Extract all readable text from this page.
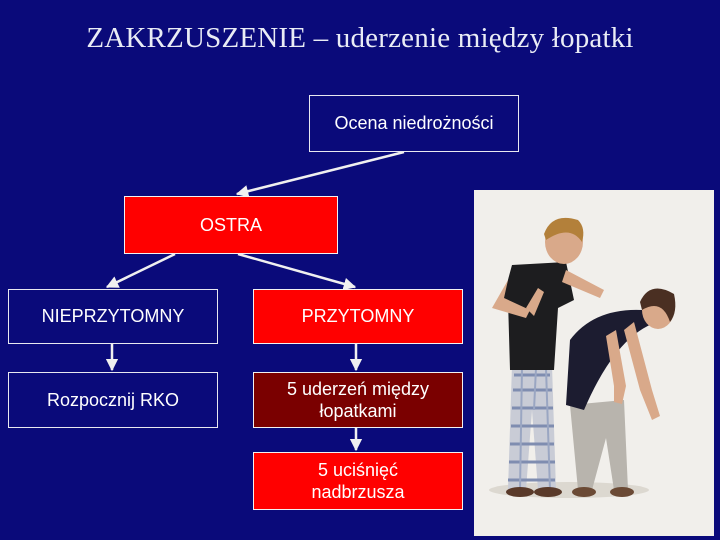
ZAKRZUSZENIE – uderzenie między łopatki
Ocena niedrożności
OSTRA
NIEPRZYTOMNY	PRZYTOMNY
Rozpocznij RKO
5 uderzeń między łopatkami
5 uciśnięć nadbrzusza
